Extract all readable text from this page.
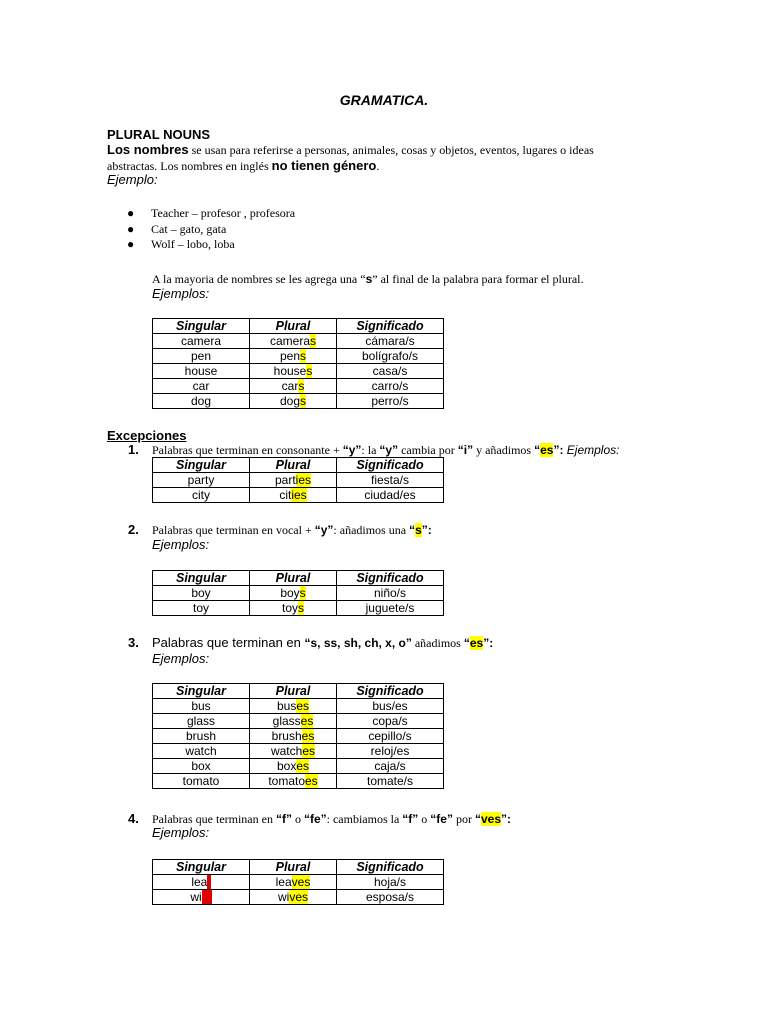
GRAMATICA.
PLURAL NOUNS
Los nombres se usan para referirse a personas, animales, cosas y objetos, eventos, lugares o ideas
abstractas. Los nombres en inglés no tienen género.
Ejemplo:
● Teacher – profesor , profesora
● Cat – gato, gata
● Wolf – lobo, loba
A la mayoria de nombres se les agrega una “s” al final de la palabra para formar el plural.
Ejemplos:
Singular	Plural	Significado
camera	cameras	cámara/s
pen	pens	bolígrafo/s
house	houses	casa/s
car	cars	carro/s
dog	dogs	perro/s
Excepciones
1. Palabras que terminan en consonante + “y”: la “y” cambia por “i” y añadimos “es”: Ejemplos:
Singular	Plural	Significado
party	parties	fiesta/s
city	cities	ciudad/es
2. Palabras que terminan en vocal + “y”: añadimos una “s”:
Ejemplos:
Singular	Plural	Significado
boy	boys	niño/s
toy	toys	juguete/s
3. Palabras que terminan en “s, ss, sh, ch, x, o” añadimos “es”:
Ejemplos:
Singular	Plural	Significado
bus	buses	bus/es
glass	glasses	copa/s
brush	brushes	cepillo/s
watch	watches	reloj/es
box	boxes	caja/s
tomato	tomatoes	tomate/s
4. Palabras que terminan en “f” o “fe”: cambiamos la “f” o “fe” por “ves”:
Ejemplos:
Singular	Plural	Significado
leaf	leaves	hoja/s
wife	wives	esposa/s
